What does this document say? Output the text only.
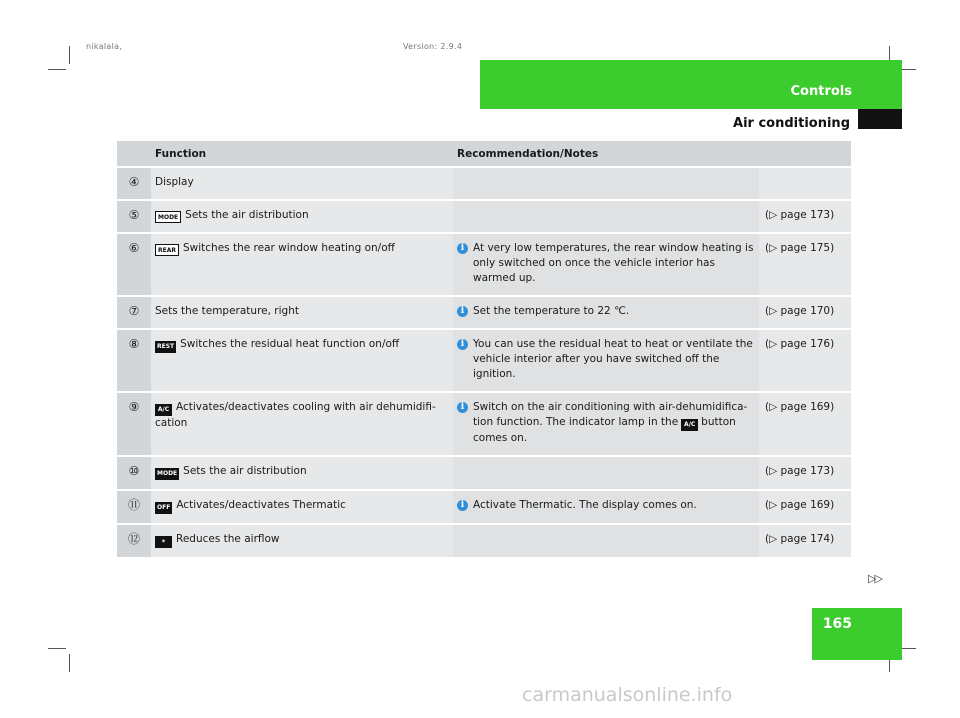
nikalala,	Version: 2.9.4
Controls
Air conditioning
	Function	Recommendation/Notes	
④	Display		
⑤	MODE Sets the air distribution		(▷ page 173)
⑥	REAR Switches the rear window heating on/off	i At very low temperatures, the rear window heating is only switched on once the vehicle interior has warmed up.	(▷ page 175)
⑦	Sets the temperature, right	i Set the temperature to 22 ℃.	(▷ page 170)
⑧	REST Switches the residual heat function on/off	i You can use the residual heat to heat or ventilate the vehicle interior after you have switched off the ignition.	(▷ page 176)
⑨	A/C Activates/deactivates cooling with air dehumidifi-cation	i Switch on the air conditioning with air-dehumidifica-tion function. The indicator lamp in the A/C button comes on.	(▷ page 169)
⑩	MODE Sets the air distribution		(▷ page 173)
⑪	OFF Activates/deactivates Thermatic	i Activate Thermatic. The display comes on.	(▷ page 169)
⑫	✶ Reduces the airflow		(▷ page 174)
▷▷
165
carmanualsonline.info
